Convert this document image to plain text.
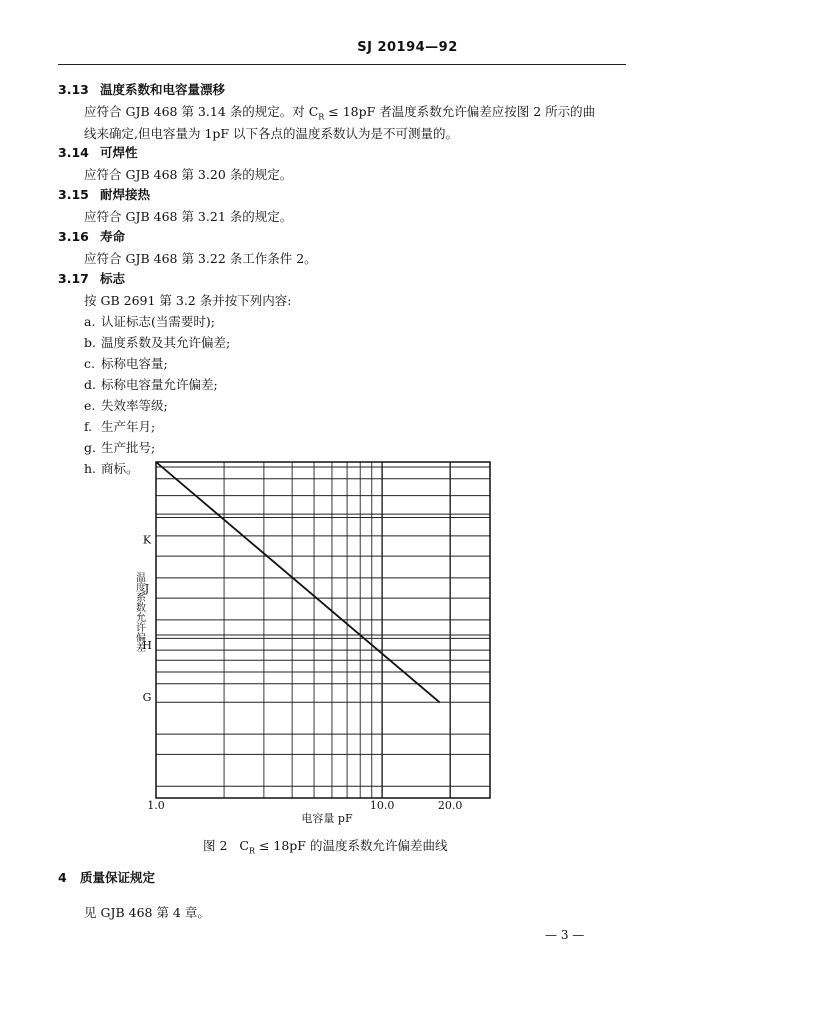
SJ 20194—92
3.13 温度系数和电容量漂移
应符合 GJB 468 第 3.14 条的规定。对 $C_R \le 18pF$ 者温度系数允许偏差应按图 2 所示的曲
线来确定,但电容量为 1pF 以下各点的温度系数认为是不可测量的。
3.14 可焊性
应符合 GJB 468 第 3.20 条的规定。
3.15 耐焊接热
应符合 GJB 468 第 3.21 条的规定。
3.16 寿命
应符合 GJB 468 第 3.22 条工作条件 2。
3.17 标志
按 GB 2691 第 3.2 条并按下列内容:
a. 认证标志(当需要时);
b. 温度系数及其允许偏差;
c. 标称电容量;
d. 标称电容量允许偏差;
e. 失效率等级;
f. 生产年月;
g. 生产批号;
h. 商标。
K
J
H
G
1.0	10.0	20.0
温度系数允许偏差
电容量 pF
图 2 $C_R \le 18pF$ 的温度系数允许偏差曲线
4 质量保证规定
见 GJB 468 第 4 章。
— 3 —
